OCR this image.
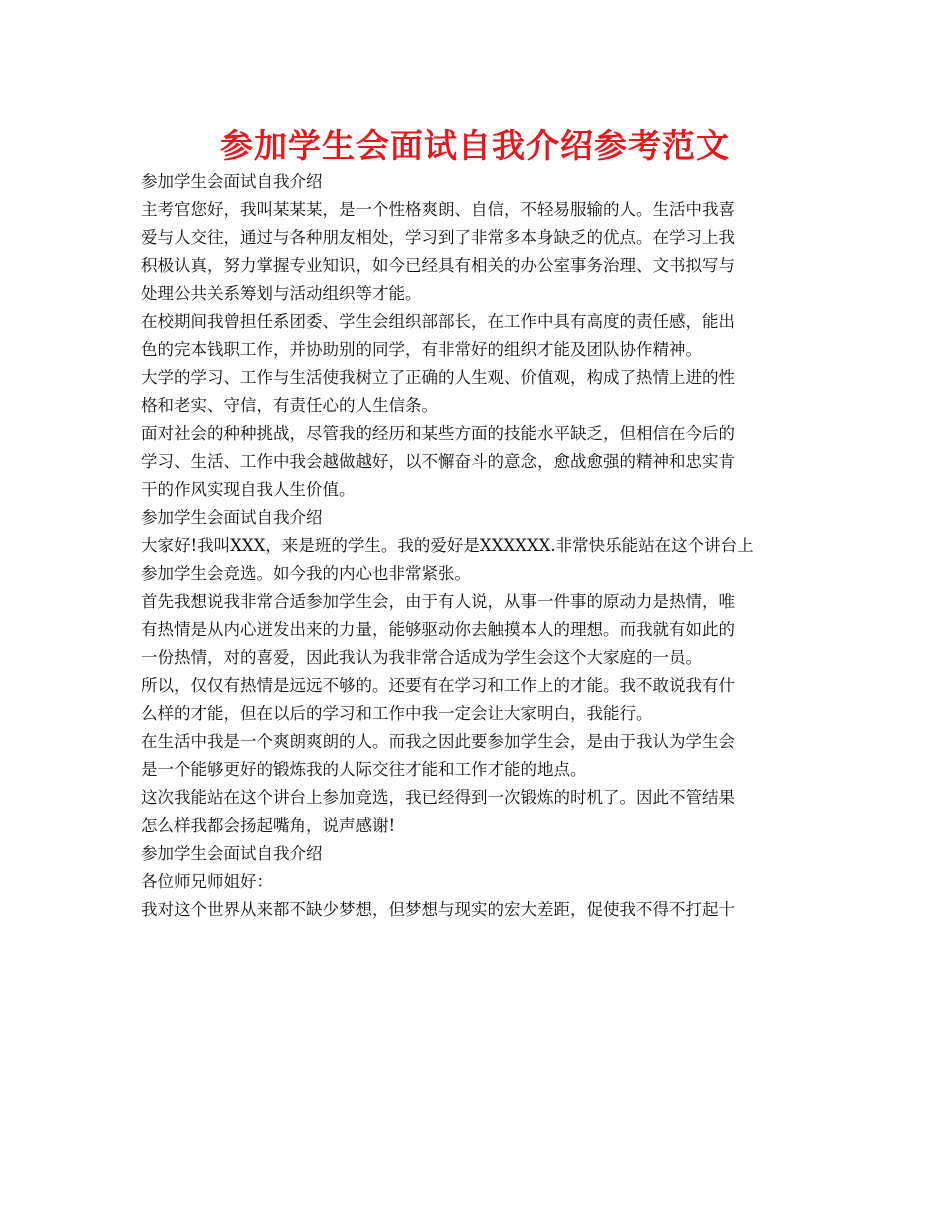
参加学生会面试自我介绍参考范文
参加学生会面试自我介绍
主考官您好，我叫某某某，是一个性格爽朗、自信，不轻易服输的人。生活中我喜
爱与人交往，通过与各种朋友相处，学习到了非常多本身缺乏的优点。在学习上我
积极认真，努力掌握专业知识，如今已经具有相关的办公室事务治理、文书拟写与
处理公共关系筹划与活动组织等才能。
在校期间我曾担任系团委、学生会组织部部长，在工作中具有高度的责任感，能出
色的完本钱职工作，并协助别的同学，有非常好的组织才能及团队协作精神。
大学的学习、工作与生活使我树立了正确的人生观、价值观，构成了热情上进的性
格和老实、守信，有责任心的人生信条。
面对社会的种种挑战，尽管我的经历和某些方面的技能水平缺乏，但相信在今后的
学习、生活、工作中我会越做越好，以不懈奋斗的意念，愈战愈强的精神和忠实肯
干的作风实现自我人生价值。
参加学生会面试自我介绍
大家好!我叫XXX，来是班的学生。我的爱好是XXXXXX.非常快乐能站在这个讲台上
参加学生会竞选。如今我的内心也非常紧张。
首先我想说我非常合适参加学生会，由于有人说，从事一件事的原动力是热情，唯
有热情是从内心迸发出来的力量，能够驱动你去触摸本人的理想。而我就有如此的
一份热情，对的喜爱，因此我认为我非常合适成为学生会这个大家庭的一员。
所以，仅仅有热情是远远不够的。还要有在学习和工作上的才能。我不敢说我有什
么样的才能，但在以后的学习和工作中我一定会让大家明白，我能行。
在生活中我是一个爽朗爽朗的人。而我之因此要参加学生会，是由于我认为学生会
是一个能够更好的锻炼我的人际交往才能和工作才能的地点。
这次我能站在这个讲台上参加竞选，我已经得到一次锻炼的时机了。因此不管结果
怎么样我都会扬起嘴角，说声感谢!
参加学生会面试自我介绍
各位师兄师姐好：
我对这个世界从来都不缺少梦想，但梦想与现实的宏大差距，促使我不得不打起十
